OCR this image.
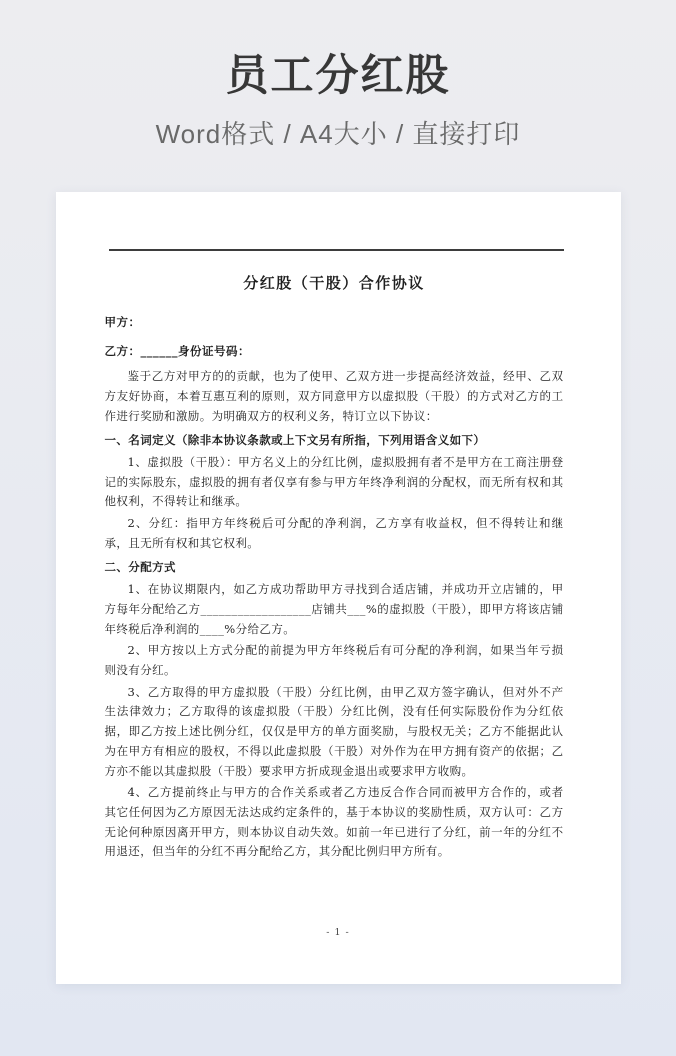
员工分红股
Word格式 / A4大小 / 直接打印
分红股（干股）合作协议
甲方：
乙方：______身份证号码：

鉴于乙方对甲方的的贡献，也为了使甲、乙双方进一步提高经济效益，经甲、乙双方友好协商，本着互惠互利的原则，双方同意甲方以虚拟股（干股）的方式对乙方的工作进行奖励和激励。为明确双方的权利义务，特订立以下协议：

一、名词定义（除非本协议条款或上下文另有所指，下列用语含义如下）

1、虚拟股（干股）：甲方名义上的分红比例，虚拟股拥有者不是甲方在工商注册登记的实际股东，虚拟股的拥有者仅享有参与甲方年终净利润的分配权，而无所有权和其他权利，不得转让和继承。

2、分红：指甲方年终税后可分配的净利润，乙方享有收益权，但不得转让和继承，且无所有权和其它权利。

二、分配方式

1、在协议期限内，如乙方成功帮助甲方寻找到合适店铺，并成功开立店铺的，甲方每年分配给乙方__________________店铺共___%的虚拟股（干股），即甲方将该店铺年终税后净利润的____%分给乙方。

2、甲方按以上方式分配的前提为甲方年终税后有可分配的净利润，如果当年亏损则没有分红。

3、乙方取得的甲方虚拟股（干股）分红比例，由甲乙双方签字确认，但对外不产生法律效力；乙方取得的该虚拟股（干股）分红比例，没有任何实际股份作为分红依据，即乙方按上述比例分红，仅仅是甲方的单方面奖励，与股权无关；乙方不能据此认为在甲方有相应的股权，不得以此虚拟股（干股）对外作为在甲方拥有资产的依据；乙方亦不能以其虚拟股（干股）要求甲方折成现金退出或要求甲方收购。

4、乙方提前终止与甲方的合作关系或者乙方违反合作合同而被甲方合作的，或者其它任何因为乙方原因无法达成约定条件的，基于本协议的奖励性质，双方认可：乙方无论何种原因离开甲方，则本协议自动失效。如前一年已进行了分红，前一年的分红不用退还，但当年的分红不再分配给乙方，其分配比例归甲方所有。

- 1 -
